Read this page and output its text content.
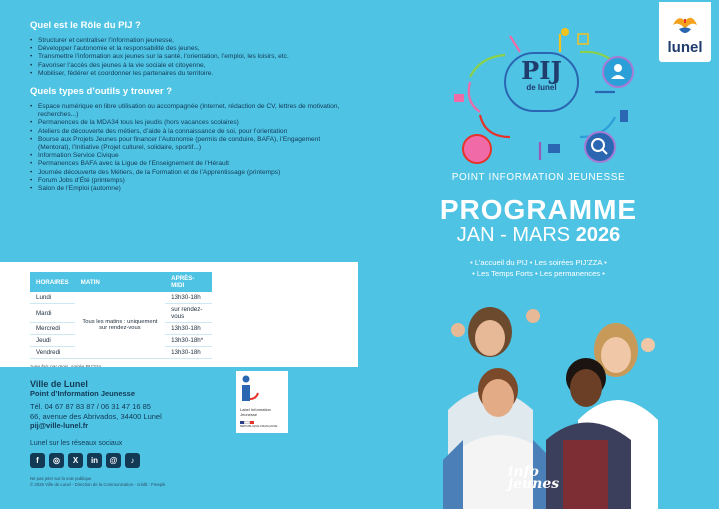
Quel est le Rôle du PIJ ?
• Structurer et centraliser l’information jeunesse,
• Développer l’autonomie et la responsabilité des jeunes,
• Transmettre l’information aux jeunes sur la santé, l’orientation, l’emploi, les loisirs, etc.
• Favoriser l’accès des jeunes à la vie sociale et citoyenne,
• Mobiliser, fédérer et coordonner les partenaires du territoire.
Quels types d’outils y trouver ?
• Espace numérique en libre utilisation ou accompagnée (Internet, rédaction de CV, lettres de motivation, recherches...)
• Permanences de la MDA34 tous les jeudis (hors vacances scolaires)
• Ateliers de découverte des métiers, d’aide à la connaissance de soi, pour l’orientation
• Bourse aux Projets Jeunes pour financer l’Autonomie (permis de conduire, BAFA), l’Engagement (Mentorat), l’Initiative (Projet culturel, solidaire, sportif...)
• Information Service Civique
• Permanences BAFA avec la Ligue de l’Enseignement de l’Hérault
• Journée découverte des Métiers, de la Formation et de l’Apprentissage (printemps)
• Forum Jobs d’Été (printemps)
• Salon de l’Emploi (automne)
HORAIRES	MATIN	APRÈS-MIDI
Lundi	Tous les matins : uniquement sur rendez-vous	13h30-18h
Mardi		sur rendez-vous
Mercredi		13h30-18h
Jeudi		13h30-18h*
Vendredi		13h30-18h
Ville de Lunel
Point d’Information Jeunesse
Tél. 04 67 87 83 87 / 06 31 47 16 85
66, avenue des Abrivados, 34400 Lunel
pij@ville-lunel.fr
Lunel sur les réseaux sociaux
f	◎	X	in	@	♪
Ne pas jeter sur la voie publique
© 2026 Ville de Lunel - Direction de la Communication - crédit : Freepik
Label Information Jeunesse
RÉPUBLIQUE FRANÇAISE
lunel
PIJ
de lunel
POINT INFORMATION JEUNESSE
PROGRAMME
JAN - MARS 2026
• L’accueil du PIJ • Les soirées PIJ’ZZA •
• Les Temps Forts • Les permanences •
info
jeunes
